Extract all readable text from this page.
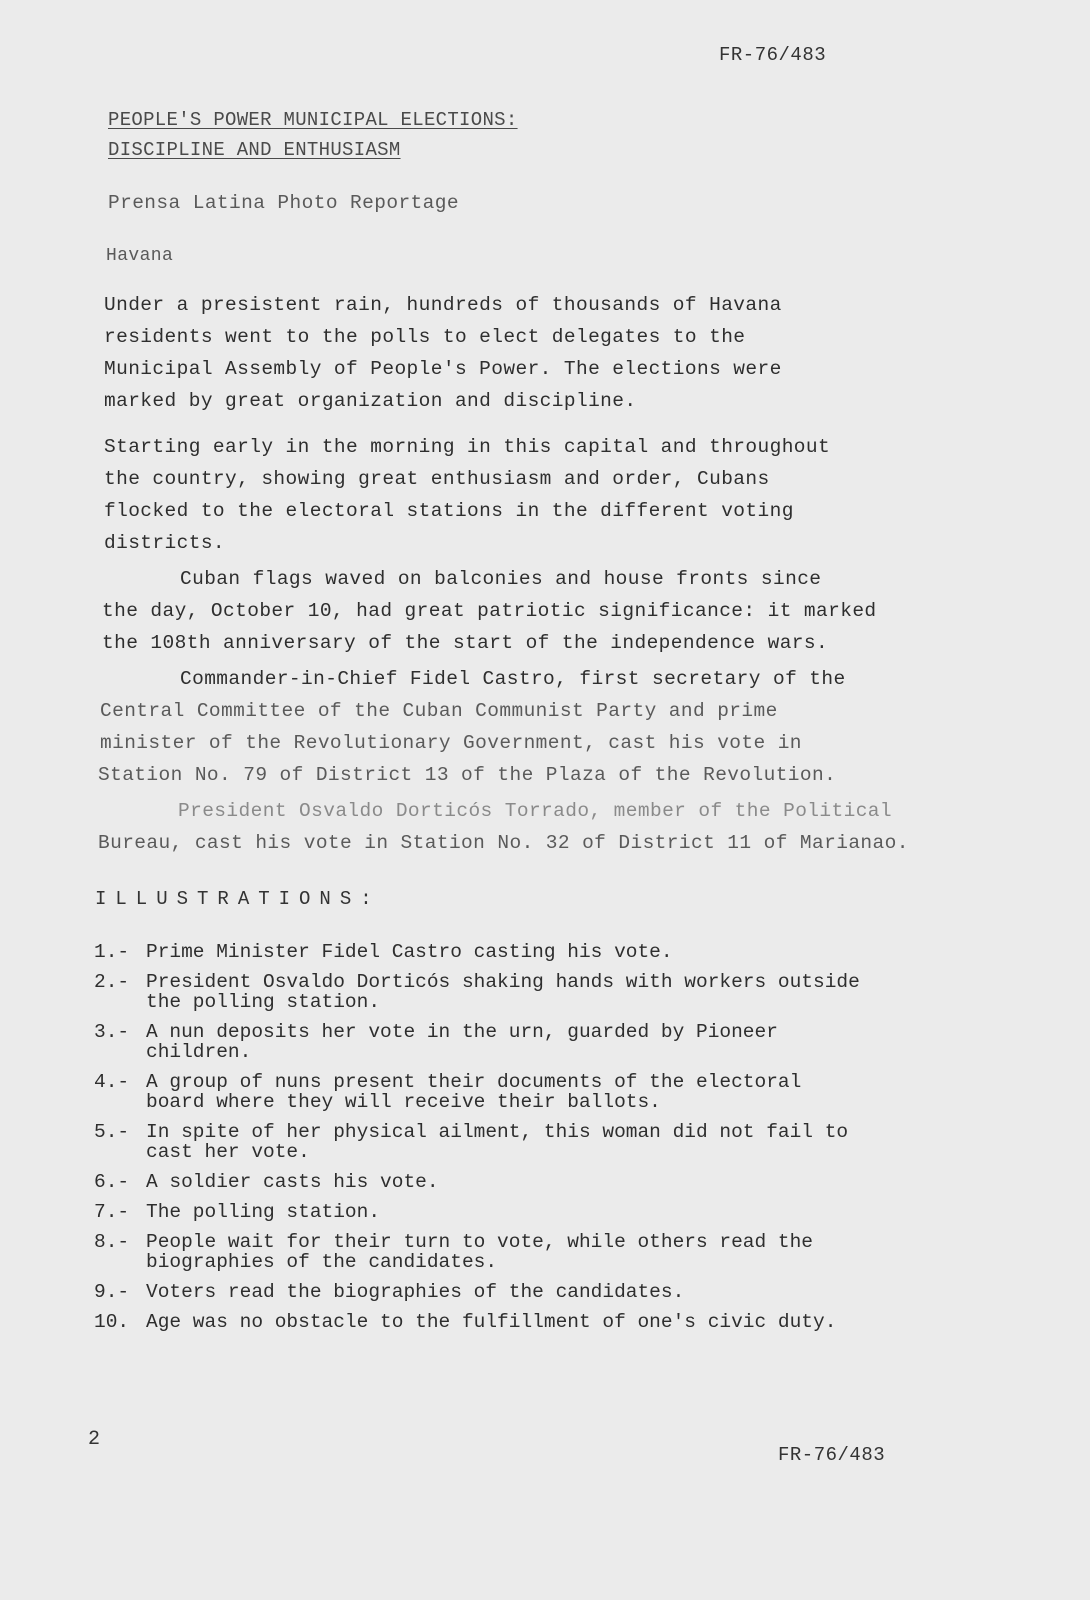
FR-76/483
PEOPLE'S POWER MUNICIPAL ELECTIONS:
DISCIPLINE AND ENTHUSIASM
Prensa Latina Photo Reportage
Havana
Under a presistent rain, hundreds of thousands of Havana
residents went to the polls to elect delegates to the
Municipal Assembly of People's Power. The elections were
marked by great organization and discipline.
Starting early in the morning in this capital and throughout
the country, showing great enthusiasm and order, Cubans
flocked to the electoral stations in the different voting
districts.
Cuban flags waved on balconies and house fronts since
the day, October 10, had great patriotic significance: it marked
the 108th anniversary of the start of the independence wars.
Commander-in-Chief Fidel Castro, first secretary of the
Central Committee of the Cuban Communist Party and prime
minister of the Revolutionary Government, cast his vote in
Station No. 79 of District 13 of the Plaza of the Revolution.
President Osvaldo Dorticós Torrado, member of the Political
Bureau, cast his vote in Station No. 32 of District 11 of Marianao.
ILLUSTRATIONS:
1.- Prime Minister Fidel Castro casting his vote.
2.- President Osvaldo Dorticós shaking hands with workers outside
the polling station.
3.- A nun deposits her vote in the urn, guarded by Pioneer
children.
4.- A group of nuns present their documents of the electoral
board where they will receive their ballots.
5.- In spite of her physical ailment, this woman did not fail to
cast her vote.
6.- A soldier casts his vote.
7.- The polling station.
8.- People wait for their turn to vote, while others read the
biographies of the candidates.
9.- Voters read the biographies of the candidates.
10. Age was no obstacle to the fulfillment of one's civic duty.
2
FR-76/483
